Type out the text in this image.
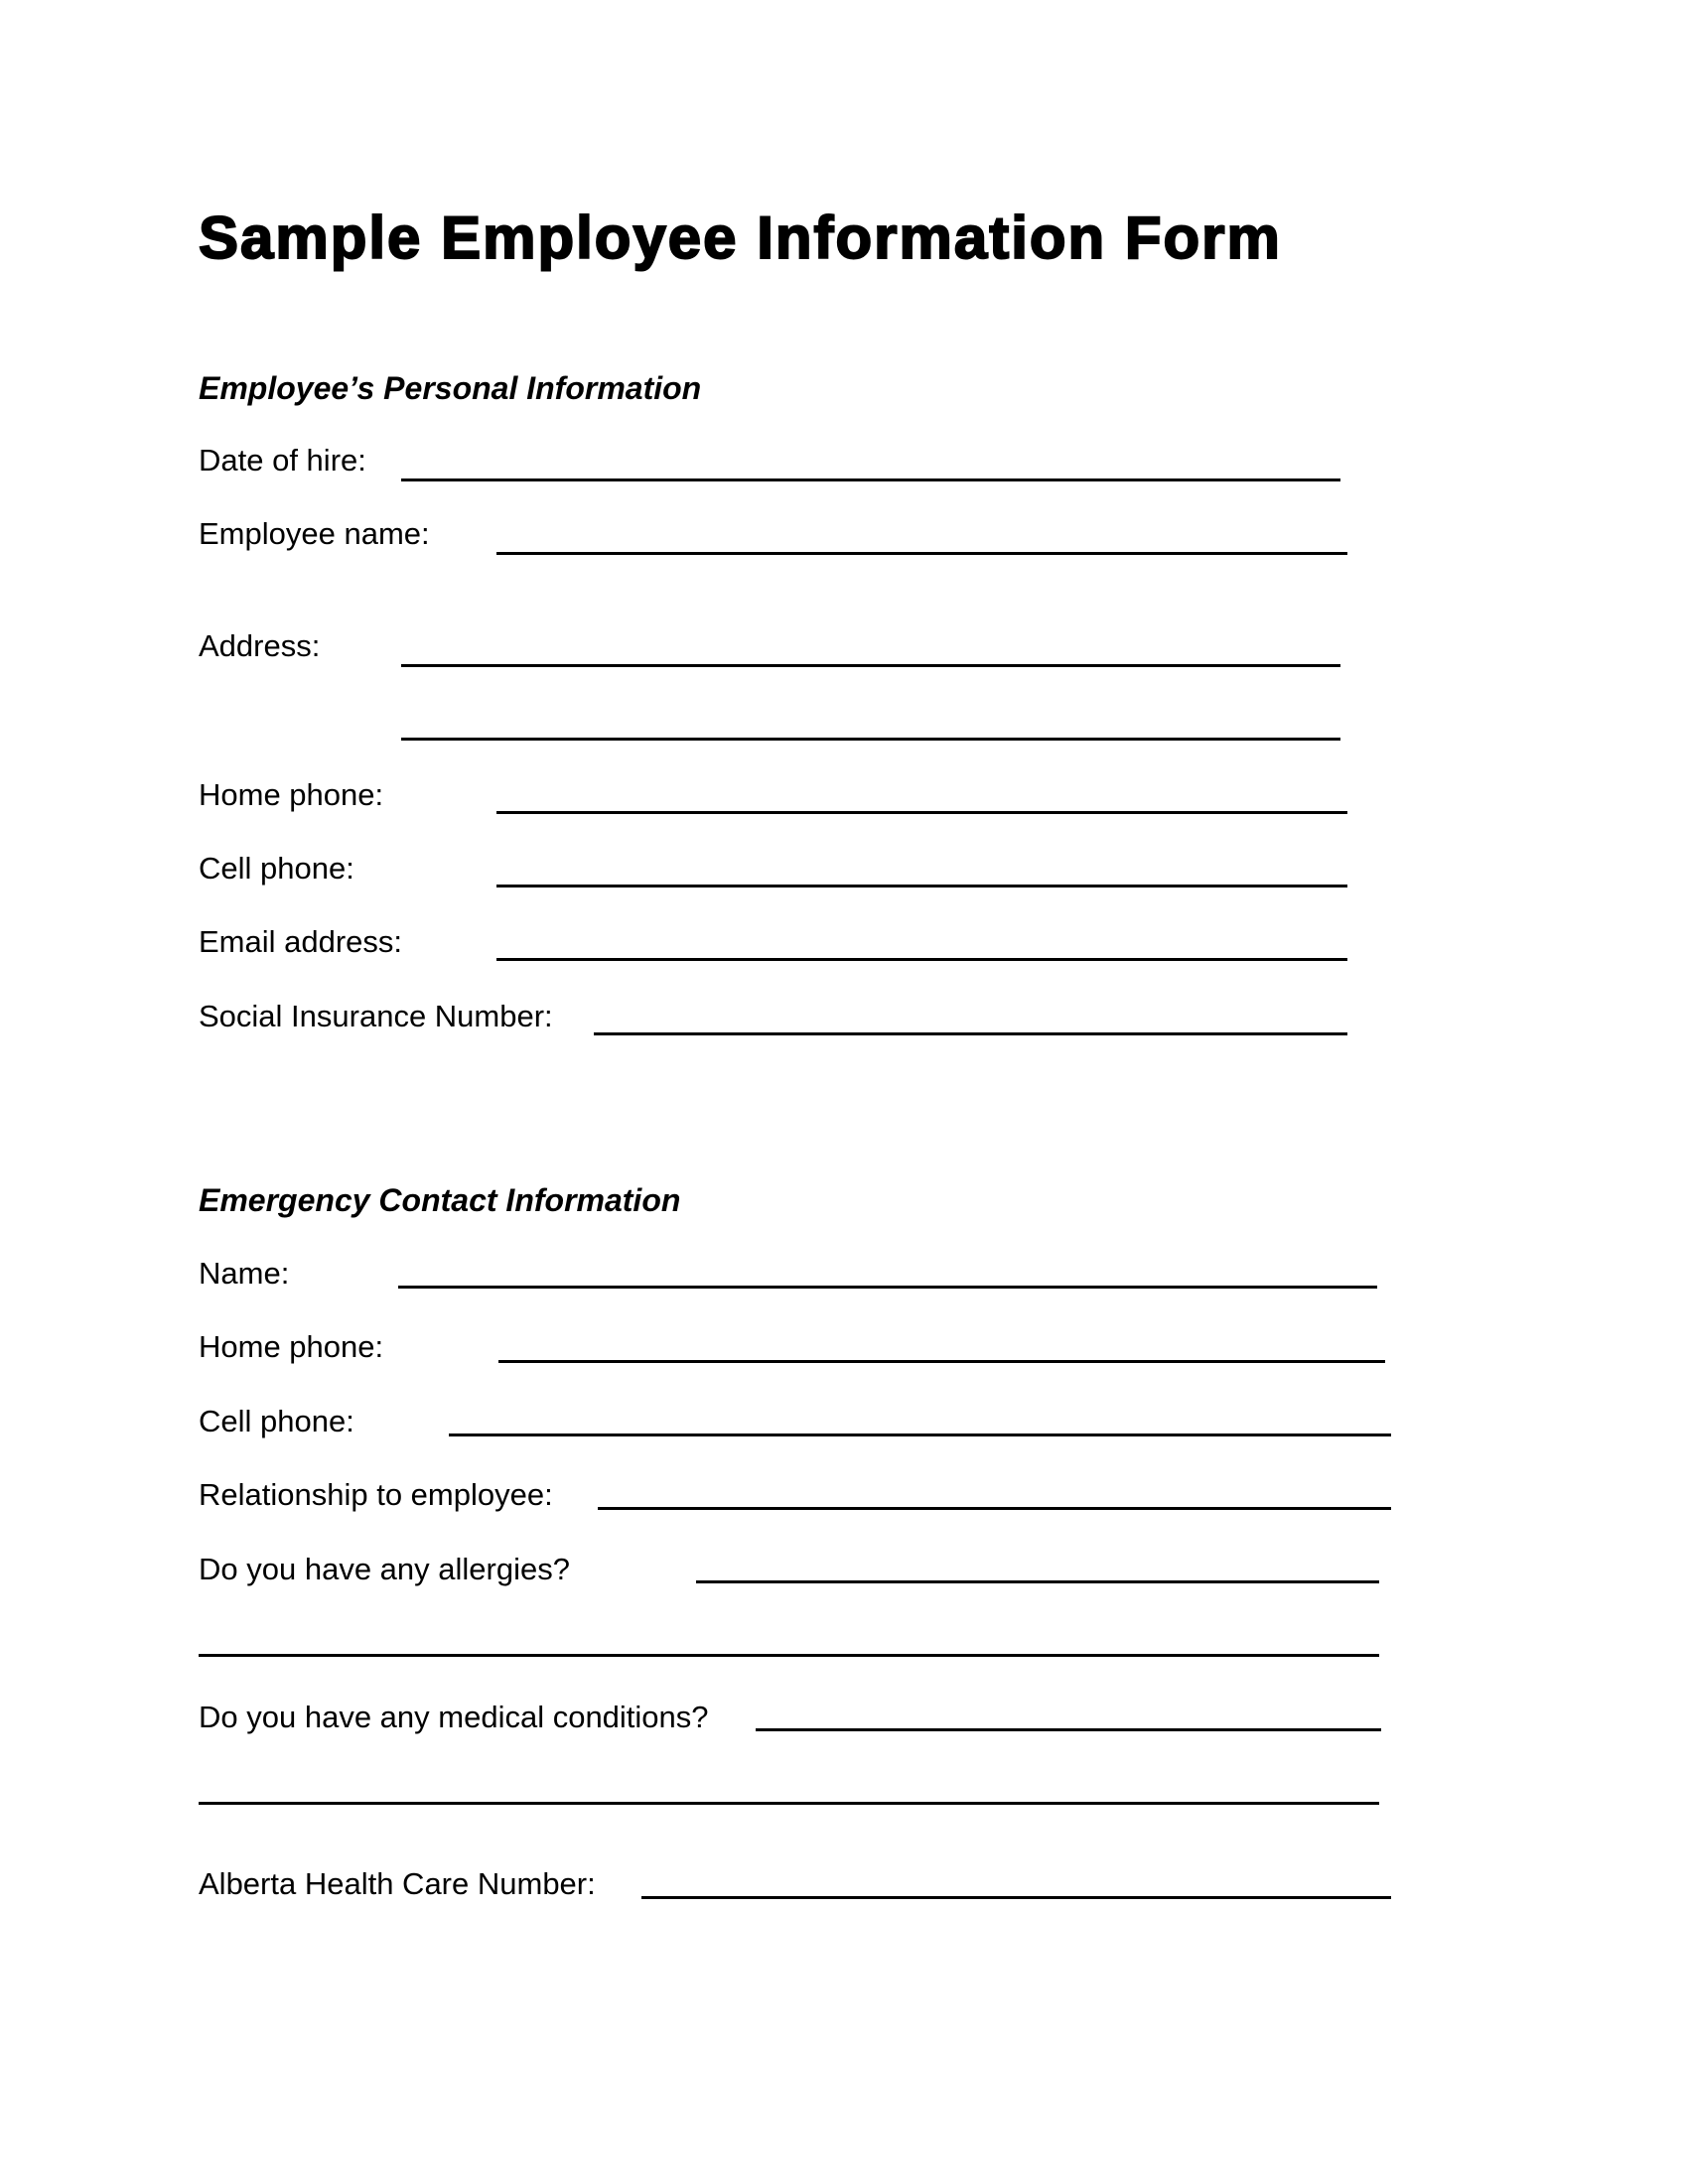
Sample Employee Information Form
Employee’s Personal Information
Date of hire:
Employee name:
Address:
Home phone:
Cell phone:
Email address:
Social Insurance Number:
Emergency Contact Information
Name:
Home phone:
Cell phone:
Relationship to employee:
Do you have any allergies?
Do you have any medical conditions?
Alberta Health Care Number:
